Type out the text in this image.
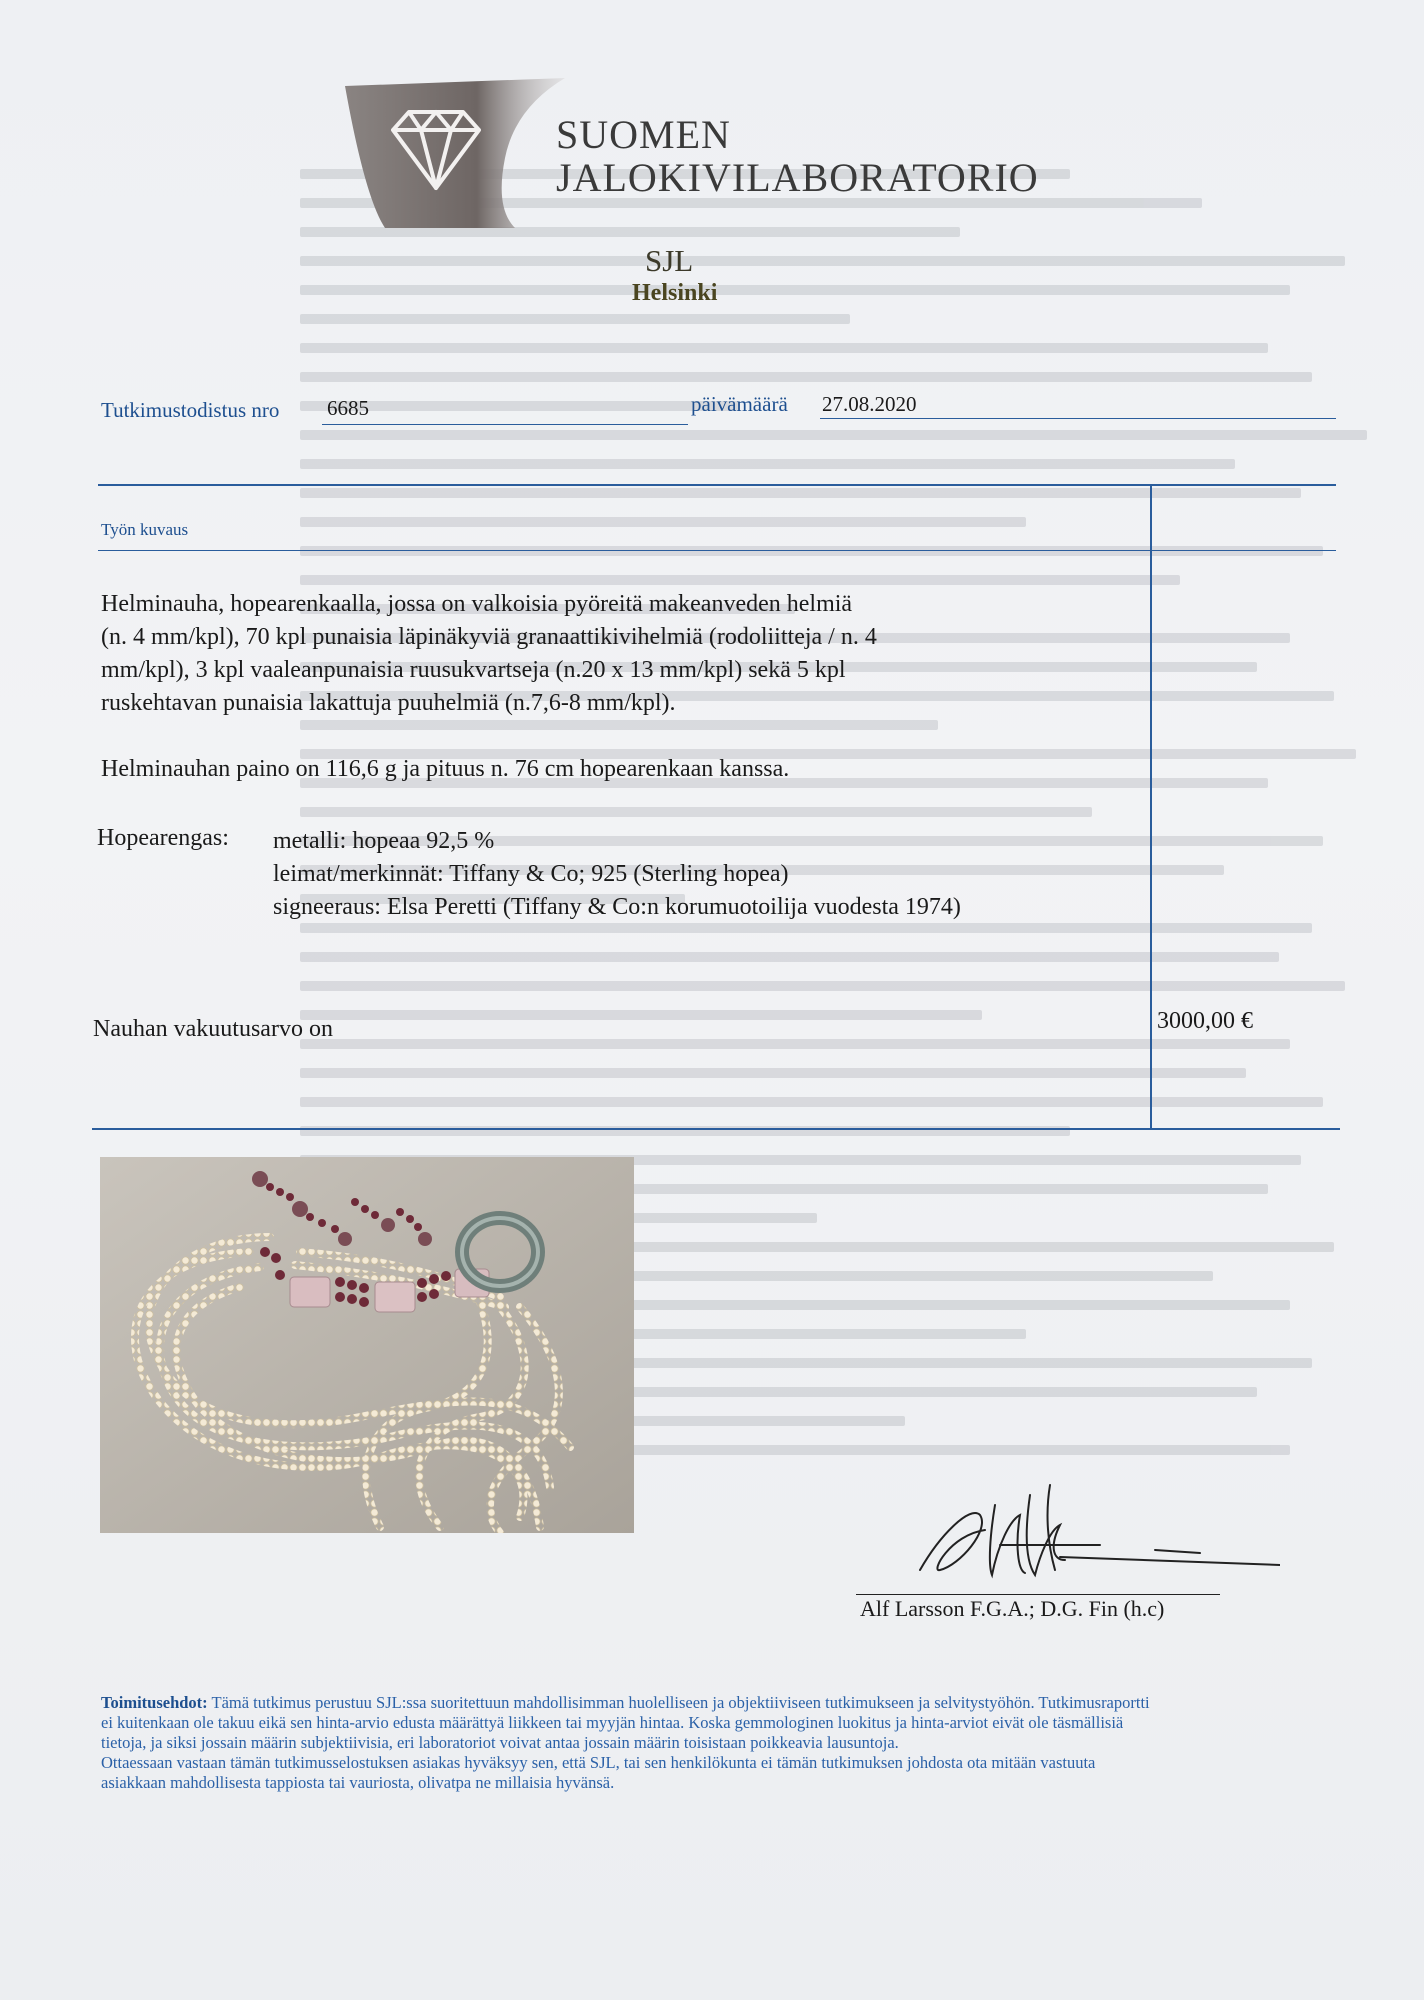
SUOMEN
JALOKIVILABORATORIO
SJL
Helsinki
Tutkimustodistus nro 6685	päivämäärä 27.08.2020
Työn kuvaus

Helminauha, hopearenkaalla, jossa on valkoisia pyöreitä makeanveden helmiä

(n. 4 mm/kpl), 70 kpl punaisia läpinäkyviä granaattikivihelmiä (rodoliitteja / n. 4

mm/kpl), 3 kpl vaaleanpunaisia ruusukvartseja (n.20 x 13 mm/kpl) sekä 5 kpl

ruskehtavan punaisia lakattuja puuhelmiä (n.7,6-8 mm/kpl).

Helminauhan paino on 116,6 g ja pituus n. 76 cm hopearenkaan kanssa.
Hopearengas: metalli: hopeaa 92,5 %
leimat/merkinnät: Tiffany & Co; 925 (Sterling hopea)
signeeraus: Elsa Peretti (Tiffany & Co:n korumuotoilija vuodesta 1974)
Nauhan vakuutusarvo on	3000,00 €
Alf Larsson F.G.A.; D.G. Fin (h.c)
Toimitusehdot: Tämä tutkimus perustuu SJL:ssa suoritettuun mahdollisimman huolelliseen ja objektiiviseen tutkimukseen ja selvitystyöhön. Tutkimusraportti
ei kuitenkaan ole takuu eikä sen hinta-arvio edusta määrättyä liikkeen tai myyjän hintaa. Koska gemmologinen luokitus ja hinta-arviot eivät ole täsmällisiä
tietoja, ja siksi jossain määrin subjektiivisia, eri laboratoriot voivat antaa jossain määrin toisistaan poikkeavia lausuntoja.
Ottaessaan vastaan tämän tutkimusselostuksen asiakas hyväksyy sen, että SJL, tai sen henkilökunta ei tämän tutkimuksen johdosta ota mitään vastuuta
asiakkaan mahdollisesta tappiosta tai vauriosta, olivatpa ne millaisia hyvänsä.
